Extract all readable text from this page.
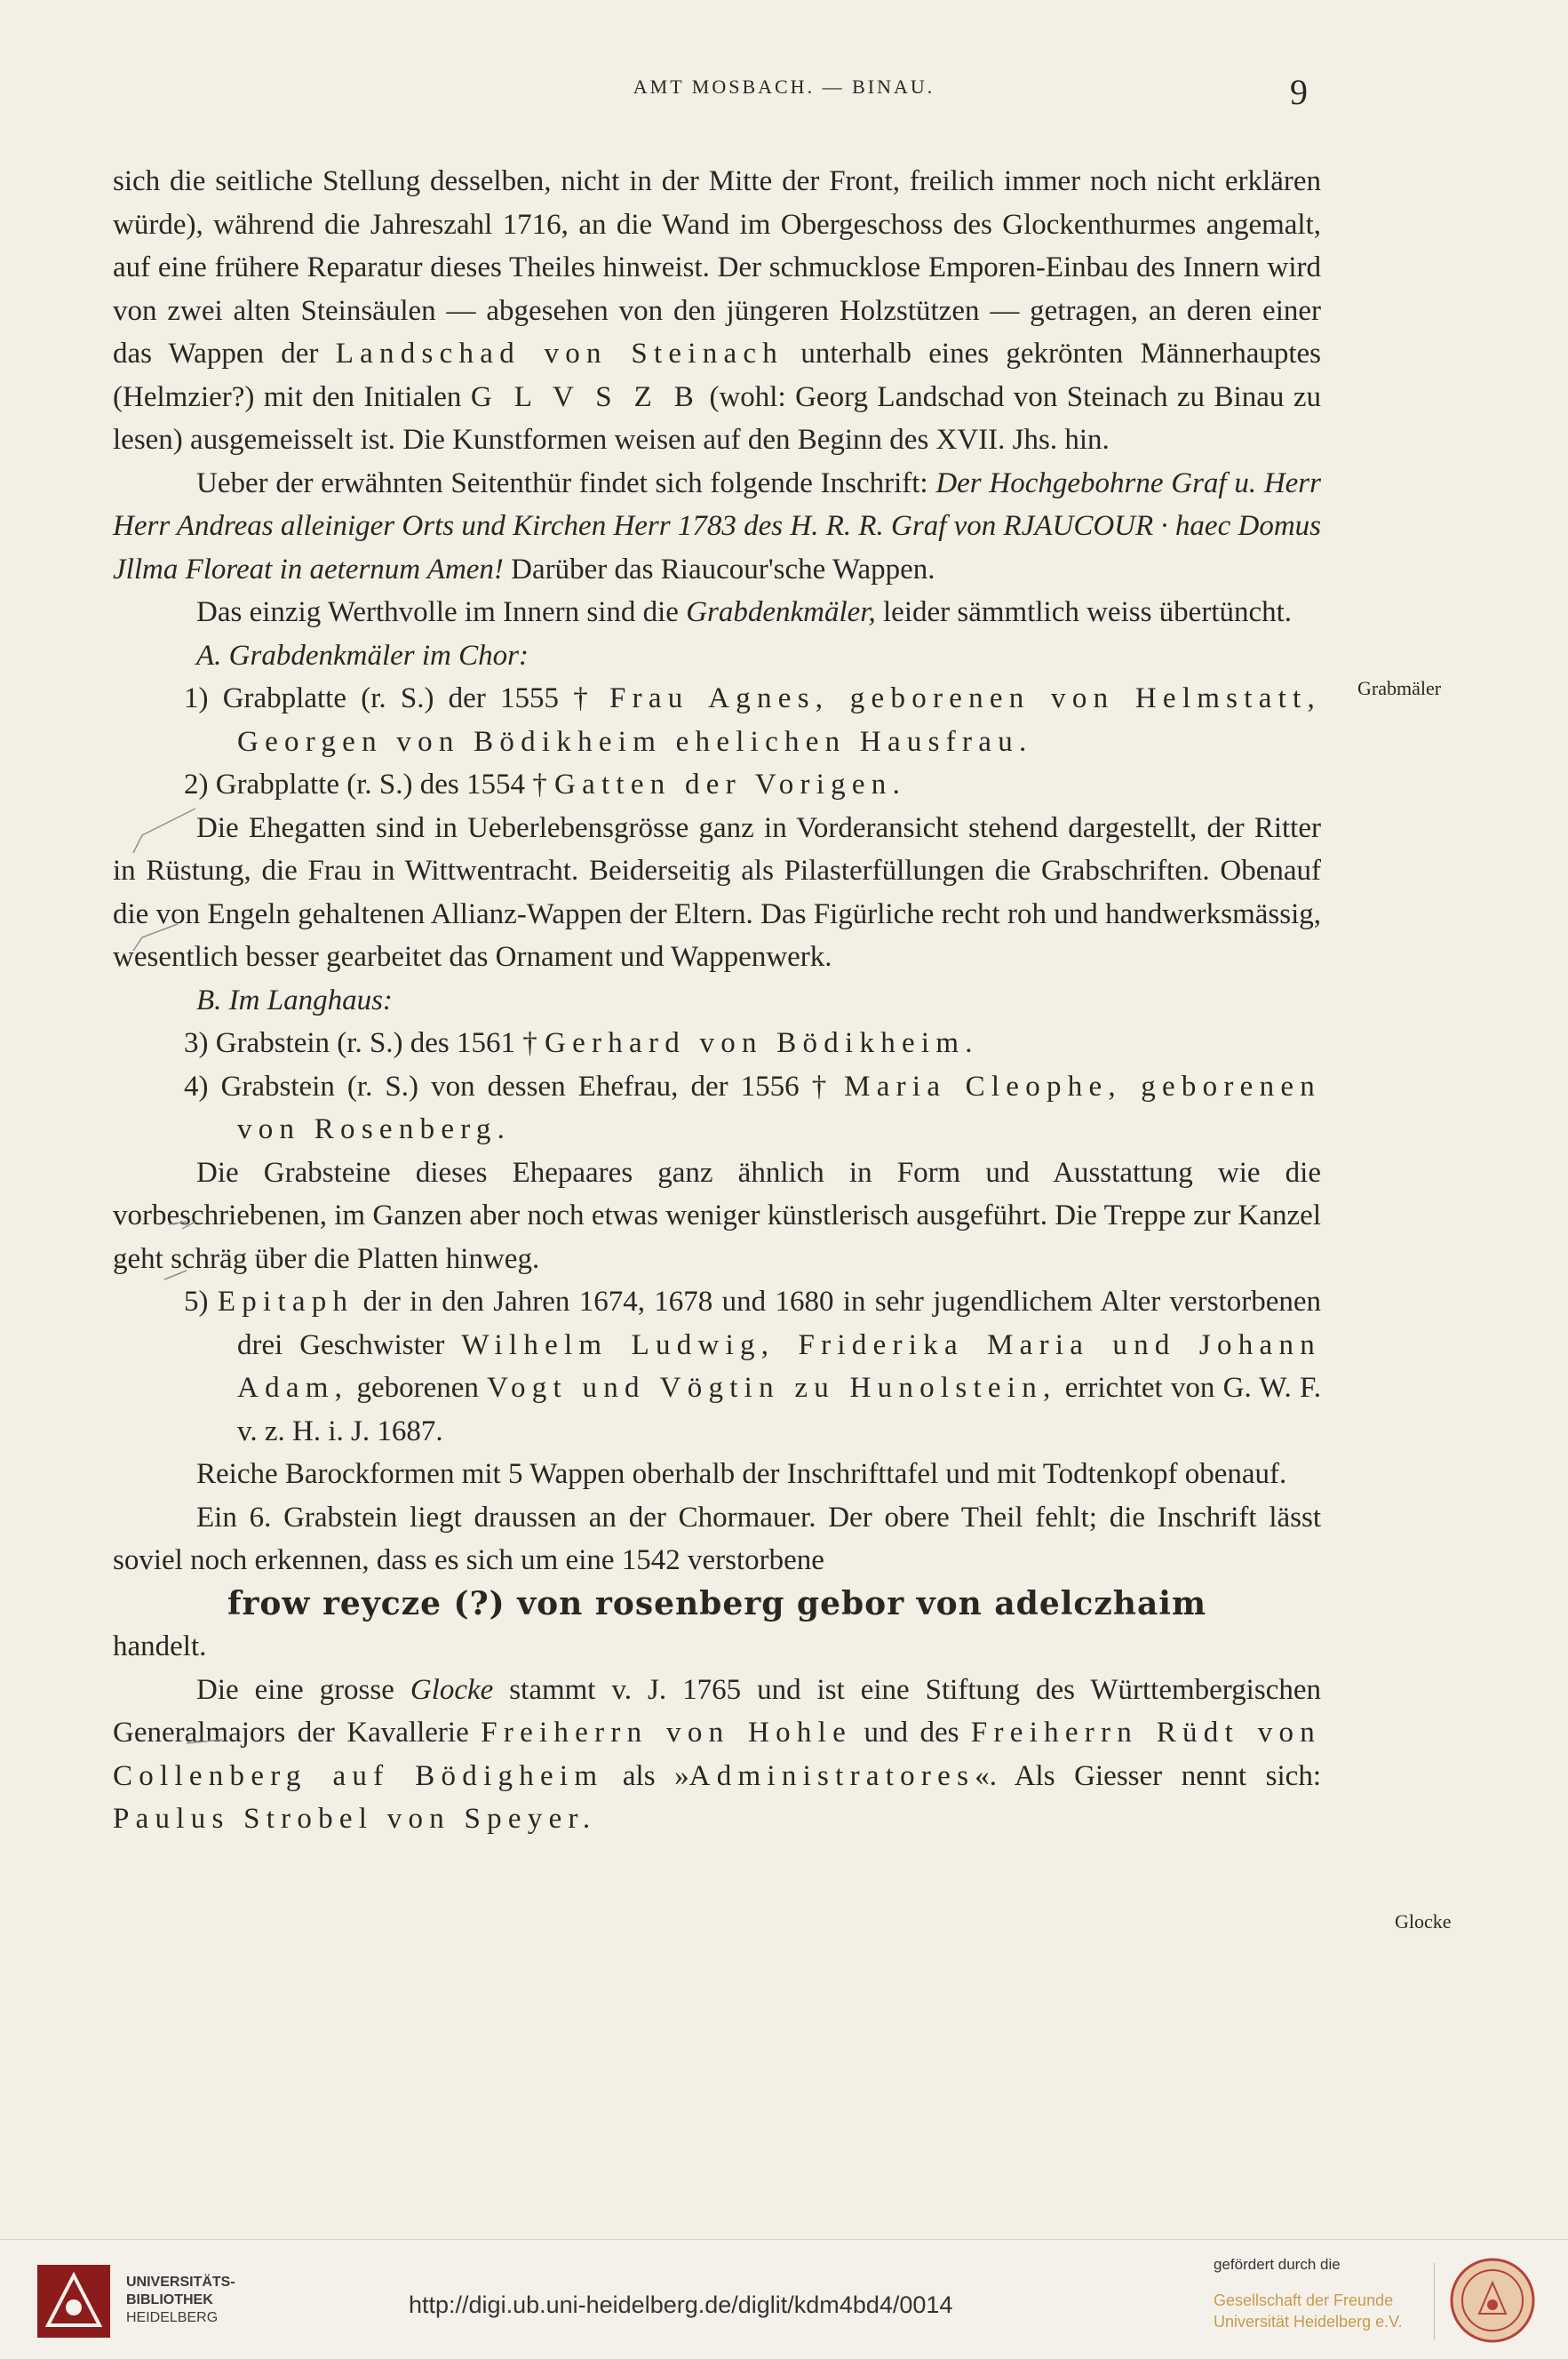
AMT MOSBACH. — BINAU.	9

sich die seitliche Stellung desselben, nicht in der Mitte der Front, freilich immer noch nicht erklären würde), während die Jahreszahl 1716, an die Wand im Obergeschoss des Glockenthurmes angemalt, auf eine frühere Reparatur dieses Theiles hinweist. Der schmucklose Emporen-Einbau des Innern wird von zwei alten Steinsäulen — abgesehen von den jüngeren Holzstützen — getragen, an deren einer das Wappen der Landschad von Steinach unterhalb eines gekrönten Männerhauptes (Helmzier?) mit den Initialen G L V S Z B (wohl: Georg Landschad von Steinach zu Binau zu lesen) ausgemeisselt ist. Die Kunstformen weisen auf den Beginn des XVII. Jhs. hin.

Ueber der erwähnten Seitenthür findet sich folgende Inschrift: Der Hochgebohrne Graf u. Herr Herr Andreas alleiniger Orts und Kirchen Herr 1783 des H. R. R. Graf von RJAUCOUR · haec Domus Jllma Floreat in aeternum Amen! Darüber das Riaucour'sche Wappen.

Das einzig Werthvolle im Innern sind die Grabdenkmäler, leider sämmtlich weiss übertüncht.

A. Grabdenkmäler im Chor:

1) Grabplatte (r. S.) der 1555 † Frau Agnes, geborenen von Helmstatt, Georgen von Bödikheim ehelichen Hausfrau.

2) Grabplatte (r. S.) des 1554 † Gatten der Vorigen.

Die Ehegatten sind in Ueberlebensgrösse ganz in Vorderansicht stehend dargestellt, der Ritter in Rüstung, die Frau in Wittwentracht. Beiderseitig als Pilasterfüllungen die Grabschriften. Obenauf die von Engeln gehaltenen Allianz-Wappen der Eltern. Das Figürliche recht roh und handwerksmässig, wesentlich besser gearbeitet das Ornament und Wappenwerk.

B. Im Langhaus:

3) Grabstein (r. S.) des 1561 † Gerhard von Bödikheim.

4) Grabstein (r. S.) von dessen Ehefrau, der 1556 † Maria Cleophe, geborenen von Rosenberg.

Die Grabsteine dieses Ehepaares ganz ähnlich in Form und Ausstattung wie die vorbeschriebenen, im Ganzen aber noch etwas weniger künstlerisch ausgeführt. Die Treppe zur Kanzel geht schräg über die Platten hinweg.

5) Epitaph der in den Jahren 1674, 1678 und 1680 in sehr jugendlichem Alter verstorbenen drei Geschwister Wilhelm Ludwig, Friderika Maria und Johann Adam, geborenen Vogt und Vögtin zu Hunolstein, errichtet von G. W. F. v. z. H. i. J. 1687.

Reiche Barockformen mit 5 Wappen oberhalb der Inschrifttafel und mit Todtenkopf obenauf.

Ein 6. Grabstein liegt draussen an der Chormauer. Der obere Theil fehlt; die Inschrift lässt soviel noch erkennen, dass es sich um eine 1542 verstorbene

frow reycze (?) von rosenberg gebor von adelczhaim

handelt.

Die eine grosse Glocke stammt v. J. 1765 und ist eine Stiftung des Württembergischen Generalmajors der Kavallerie Freiherrn von Hohle und des Freiherrn Rüdt von Collenberg auf Bödigheim als »Administratores«. Als Giesser nennt sich: Paulus Strobel von Speyer.

Grabmäler
Glocke
UNIVERSITÄTS-
BIBLIOTHEK
HEIDELBERG	http://digi.ub.uni-heidelberg.de/diglit/kdm4bd4/0014
gefördert durch die
Gesellschaft der Freunde
Universität Heidelberg e.V.
